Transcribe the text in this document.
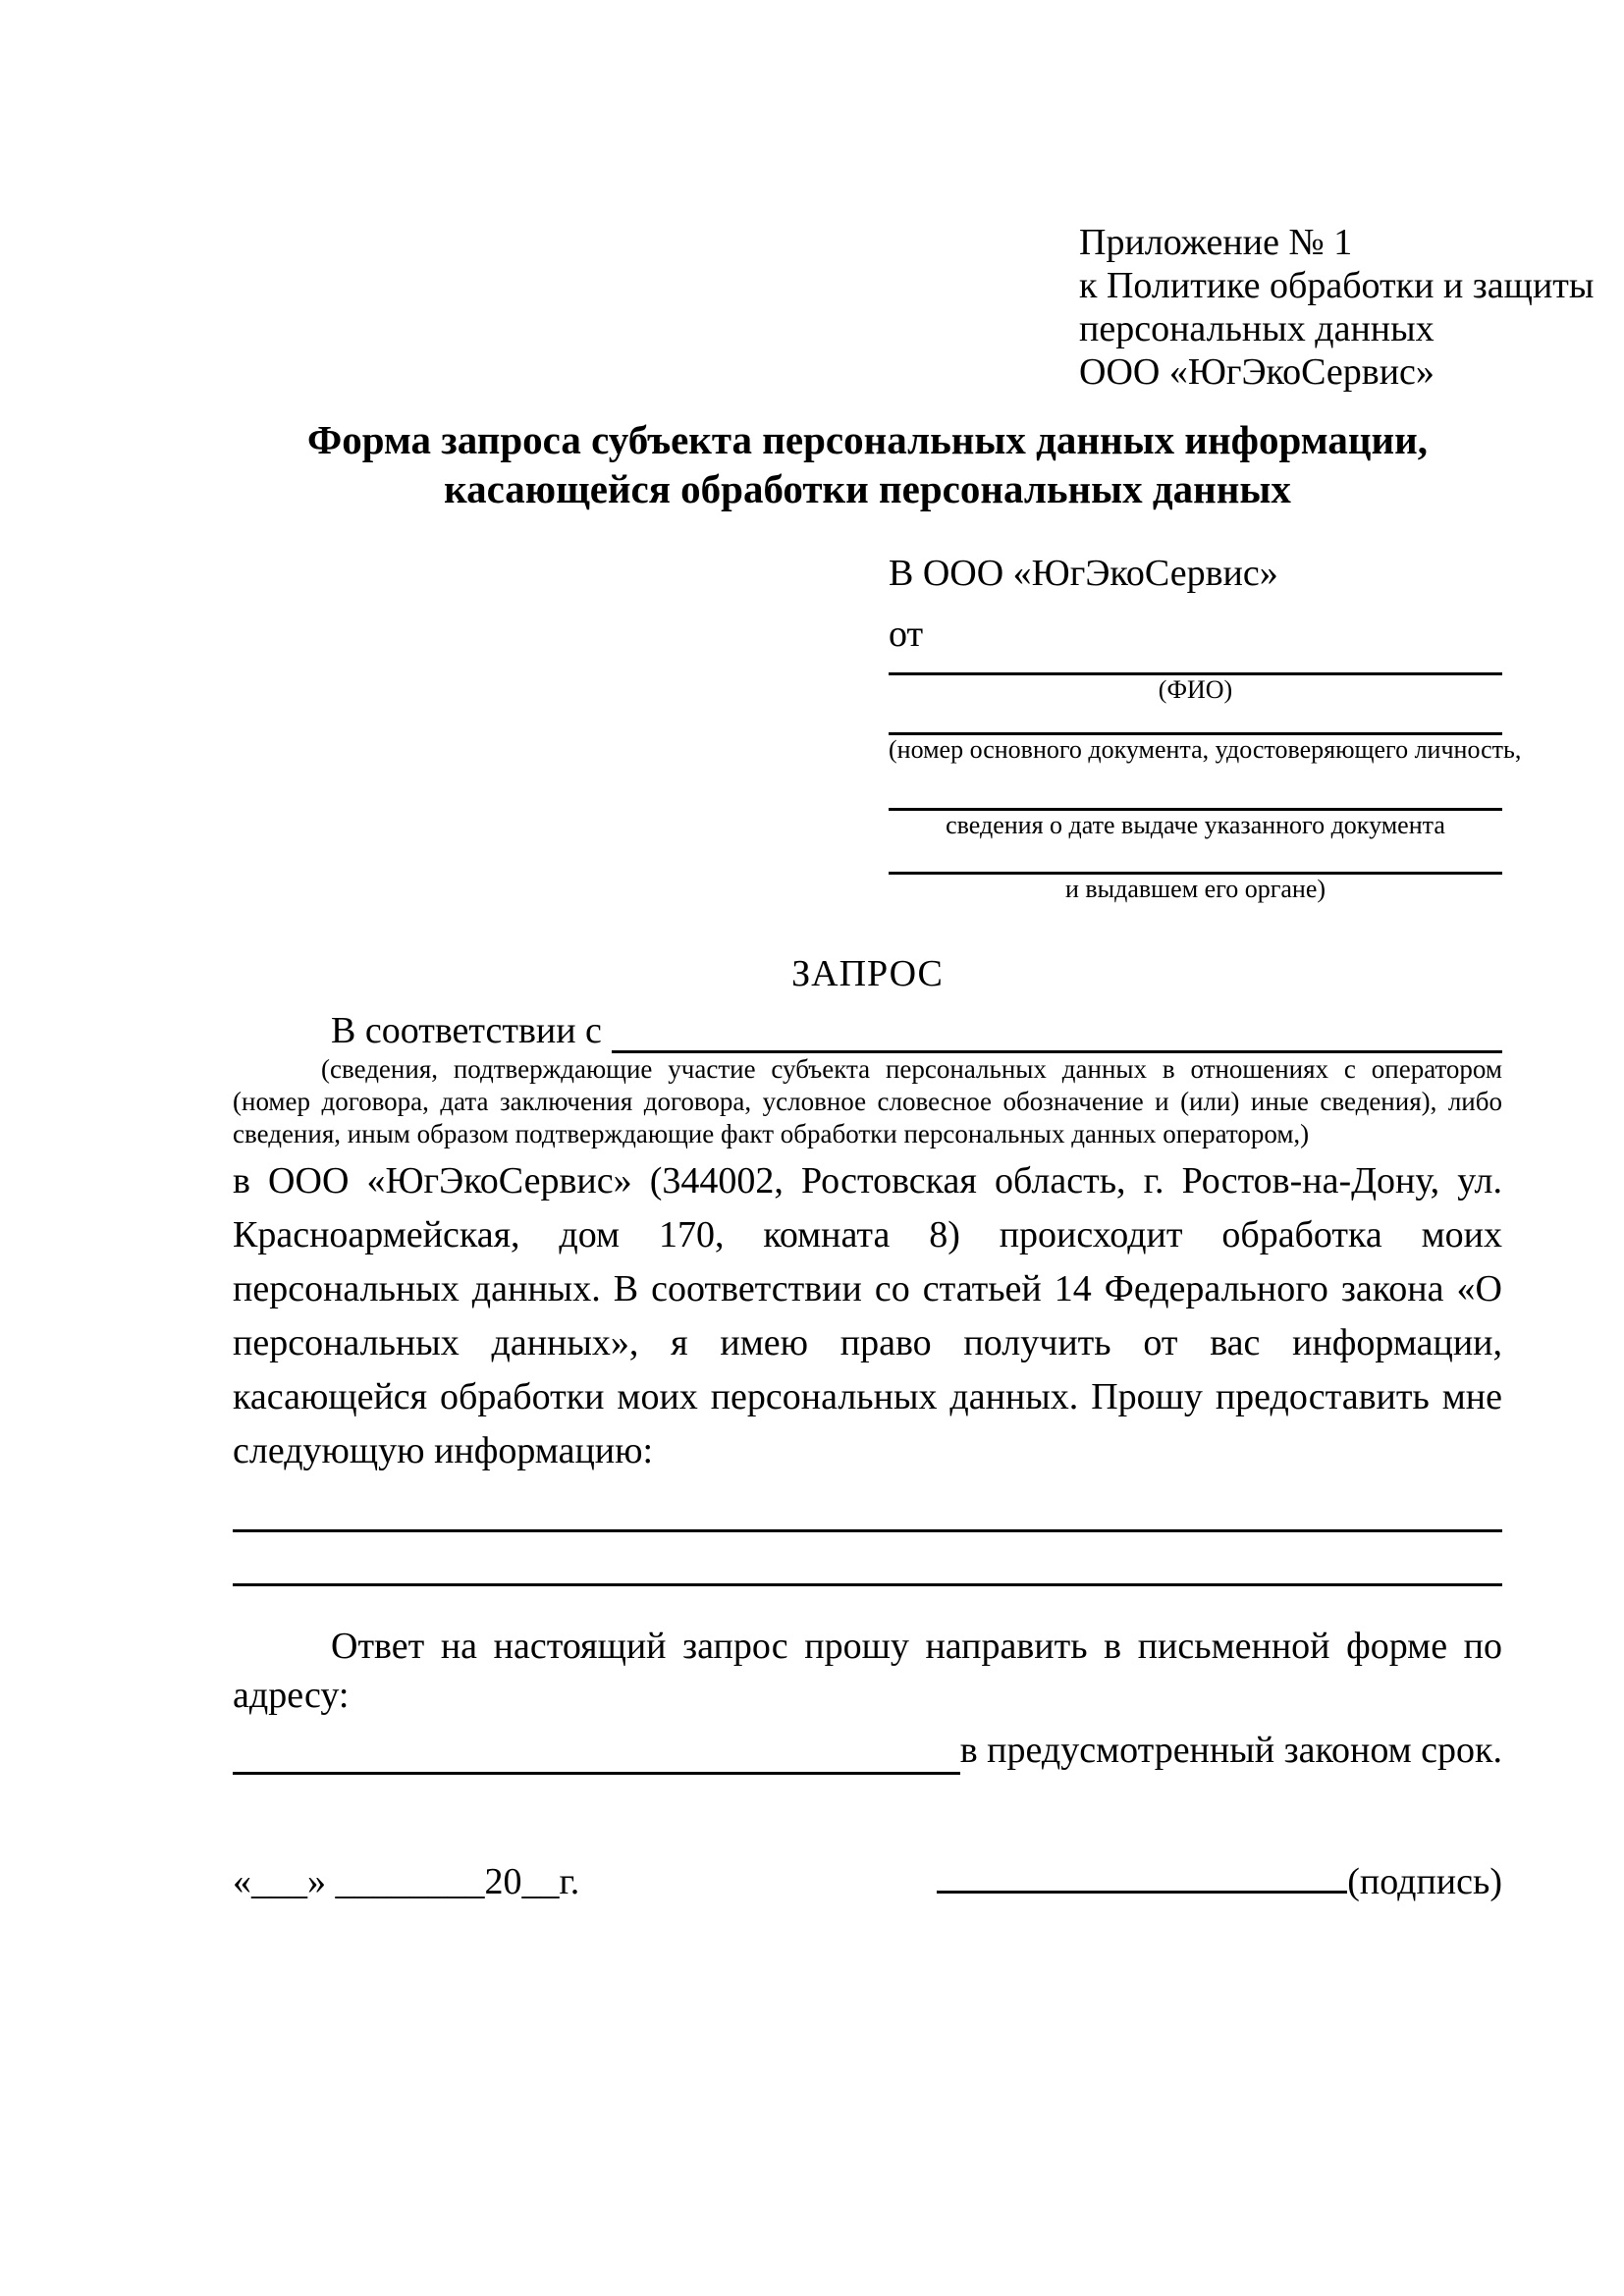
Приложение № 1
к Политике обработки и защиты
персональных данных
ООО «ЮгЭкоСервис»
Форма запроса субъекта персональных данных информации,
касающейся обработки персональных данных
В ООО «ЮгЭкоСервис»
от
(ФИО)
(номер основного документа, удостоверяющего личность,
сведения о дате выдаче указанного документа
и выдавшем его органе)
ЗАПРОС
В соответствии с
(сведения, подтверждающие участие субъекта персональных данных в отношениях с оператором (номер договора, дата заключения договора, условное словесное обозначение и (или) иные сведения), либо сведения, иным образом подтверждающие факт обработки персональных данных оператором,)
в ООО «ЮгЭкоСервис» (344002, Ростовская область, г. Ростов-на-Дону, ул. Красноармейская, дом 170, комната 8) происходит обработка моих персональных данных. В соответствии со статьей 14 Федерального закона «О персональных данных», я имею право получить от вас информации, касающейся обработки моих персональных данных. Прошу предоставить мне следующую информацию:
Ответ на настоящий запрос прошу направить в письменной форме по адресу:
в предусмотренный законом срок.
«___» ________20__г.	(подпись)
